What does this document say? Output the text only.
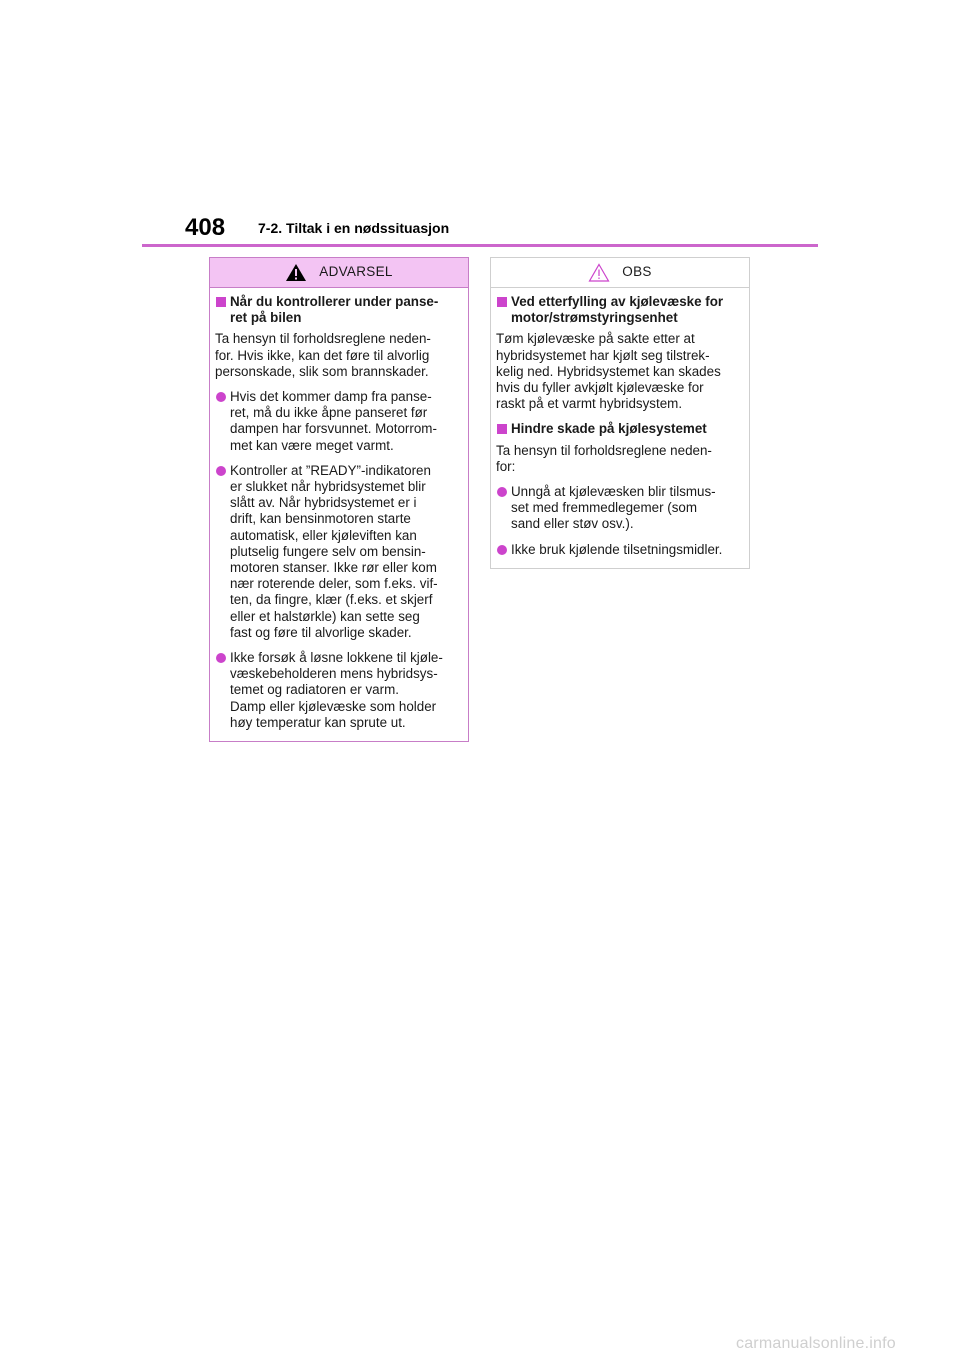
408 7-2. Tiltak i en nødssituasjon
ADVARSEL
Når du kontrollerer under panse-
ret på bilen

Ta hensyn til forholdsreglene neden-
for. Hvis ikke, kan det føre til alvorlig
personskade, slik som brannskader.

Hvis det kommer damp fra panse-
ret, må du ikke åpne panseret før
dampen har forsvunnet. Motorrom-
met kan være meget varmt.
Kontroller at ”READY”-indikatoren
er slukket når hybridsystemet blir
slått av. Når hybridsystemet er i
drift, kan bensinmotoren starte
automatisk, eller kjøleviften kan
plutselig fungere selv om bensin-
motoren stanser. Ikke rør eller kom
nær roterende deler, som f.eks. vif-
ten, da fingre, klær (f.eks. et skjerf
eller et halstørkle) kan sette seg
fast og føre til alvorlige skader.
Ikke forsøk å løsne lokkene til kjøle-
væskebeholderen mens hybridsys-
temet og radiatoren er varm.
Damp eller kjølevæske som holder
høy temperatur kan sprute ut.
OBS
Ved etterfylling av kjølevæske for
motor/strømstyringsenhet

Tøm kjølevæske på sakte etter at
hybridsystemet har kjølt seg tilstrek-
kelig ned. Hybridsystemet kan skades
hvis du fyller avkjølt kjølevæske for
raskt på et varmt hybridsystem.

Hindre skade på kjølesystemet

Ta hensyn til forholdsreglene neden-
for:

Unngå at kjølevæsken blir tilsmus-
set med fremmedlegemer (som
sand eller støv osv.).
Ikke bruk kjølende tilsetningsmidler.
carmanualsonline.info
